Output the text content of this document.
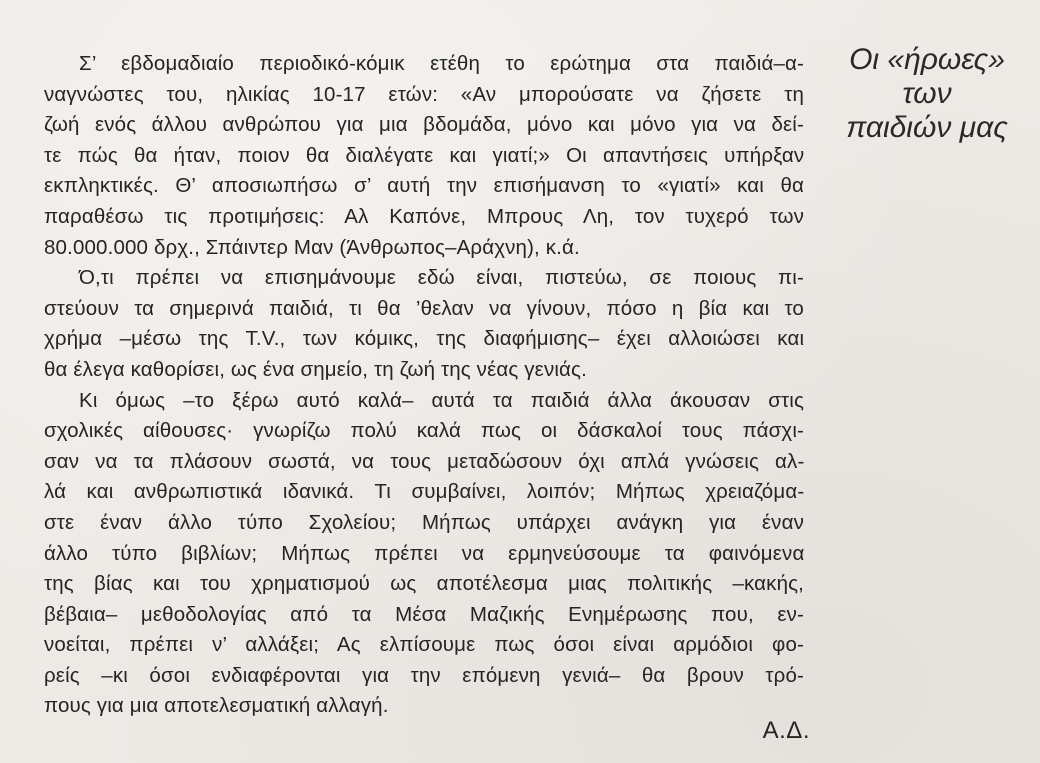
Οι «ήρωες»
των
παιδιών μας
Σ’ εβδομαδιαίο περιοδικό-κόμικ ετέθη το ερώτημα στα παιδιά–α-
ναγνώστες του, ηλικίας 10-17 ετών: «Αν μπορούσατε να ζήσετε τη
ζωή ενός άλλου ανθρώπου για μια βδομάδα, μόνο και μόνο για να δεί-
τε πώς θα ήταν, ποιον θα διαλέγατε και γιατί;» Οι απαντήσεις υπήρξαν
εκπληκτικές. Θ’ αποσιωπήσω σ’ αυτή την επισήμανση το «γιατί» και θα
παραθέσω τις προτιμήσεις: Αλ Καπόνε, Μπρους Λη, τον τυχερό των
80.000.000 δρχ., Σπάιντερ Μαν (Άνθρωπος–Αράχνη), κ.ά.
Ό,τι πρέπει να επισημάνουμε εδώ είναι, πιστεύω, σε ποιους πι-
στεύουν τα σημερινά παιδιά, τι θα ’θελαν να γίνουν, πόσο η βία και το
χρήμα –μέσω της Τ.V., των κόμικς, της διαφήμισης– έχει αλλοιώσει και
θα έλεγα καθορίσει, ως ένα σημείο, τη ζωή της νέας γενιάς.
Κι όμως –το ξέρω αυτό καλά– αυτά τα παιδιά άλλα άκουσαν στις
σχολικές αίθουσες· γνωρίζω πολύ καλά πως οι δάσκαλοί τους πάσχι-
σαν να τα πλάσουν σωστά, να τους μεταδώσουν όχι απλά γνώσεις αλ-
λά και ανθρωπιστικά ιδανικά. Τι συμβαίνει, λοιπόν; Μήπως χρειαζόμα-
στε έναν άλλο τύπο Σχολείου; Μήπως υπάρχει ανάγκη για έναν
άλλο τύπο βιβλίων; Μήπως πρέπει να ερμηνεύσουμε τα φαινόμενα
της βίας και του χρηματισμού ως αποτέλεσμα μιας πολιτικής –κακής,
βέβαια– μεθοδολογίας από τα Μέσα Μαζικής Ενημέρωσης που, εν-
νοείται, πρέπει ν’ αλλάξει; Ας ελπίσουμε πως όσοι είναι αρμόδιοι φο-
ρείς –κι όσοι ενδιαφέρονται για την επόμενη γενιά– θα βρουν τρό-
πους για μια αποτελεσματική αλλαγή.
Α.Δ.
